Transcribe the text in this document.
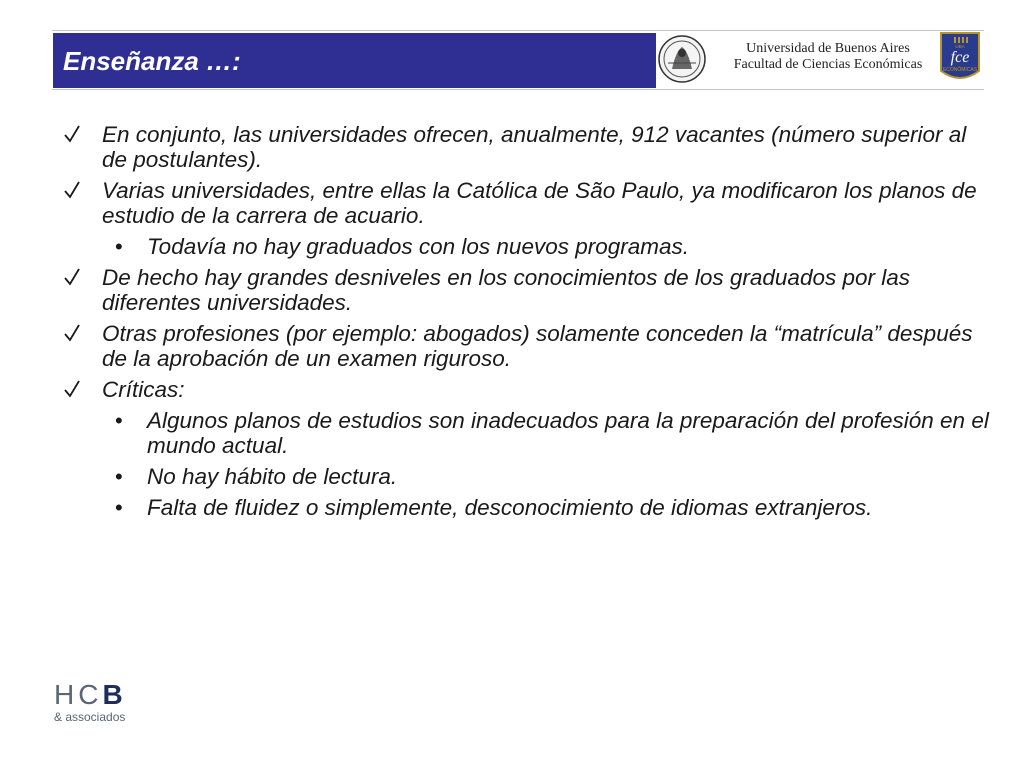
Enseñanza …:	Universidad de Buenos Aires
Facultad de Ciencias Económicas	fce
ECONÓMICAS
UBA
En conjunto, las universidades ofrecen, anualmente, 912 vacantes (número superior al de postulantes).
Varias universidades, entre ellas la Católica de São Paulo, ya modificaron los planos de estudio de la carrera de acuario.
• Todavía no hay graduados con los nuevos programas.
De hecho hay grandes desniveles en los conocimientos de los graduados por las diferentes universidades.
Otras profesiones (por ejemplo: abogados) solamente conceden la “matrícula” después de la aprobación de un examen riguroso.
Críticas:
• Algunos planos de estudios son inadecuados para la preparación del profesión en el mundo actual.
• No hay hábito de lectura.
• Falta de fluidez o simplemente, desconocimiento de idiomas extranjeros.
HCB
& associados
